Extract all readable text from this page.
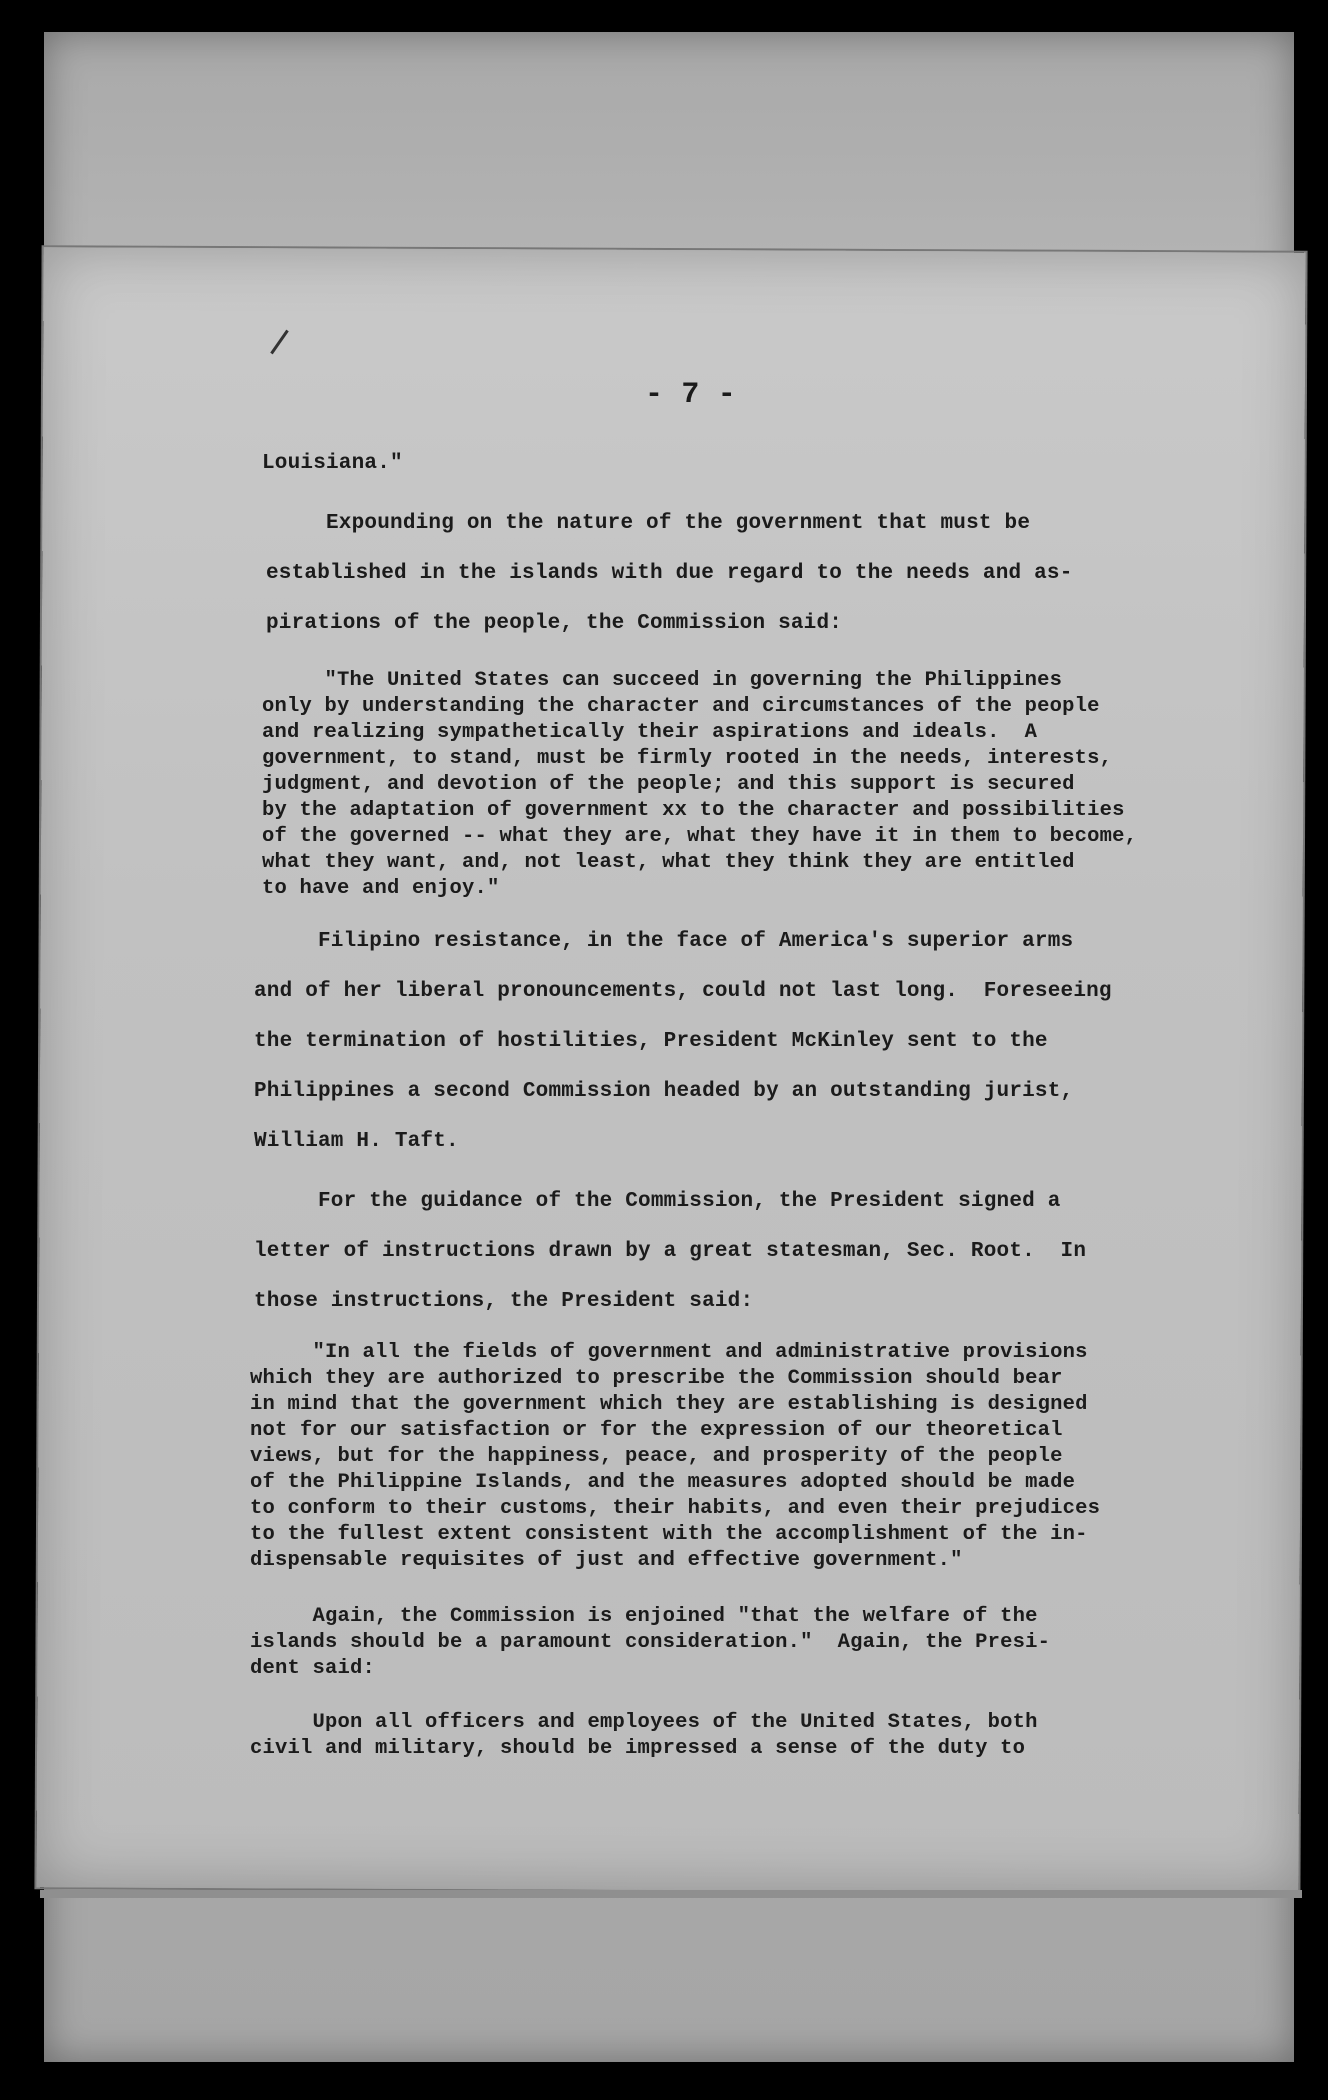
- 7 -
Louisiana."
Expounding on the nature of the government that must be
established in the islands with due regard to the needs and as-
pirations of the people, the Commission said:
"The United States can succeed in governing the Philippines
only by understanding the character and circumstances of the people
and realizing sympathetically their aspirations and ideals.  A
government, to stand, must be firmly rooted in the needs, interests,
judgment, and devotion of the people; and this support is secured
by the adaptation of government xx to the character and possibilities
of the governed -- what they are, what they have it in them to become,
what they want, and, not least, what they think they are entitled
to have and enjoy."
Filipino resistance, in the face of America's superior arms
and of her liberal pronouncements, could not last long.  Foreseeing
the termination of hostilities, President McKinley sent to the
Philippines a second Commission headed by an outstanding jurist,
William H. Taft.
For the guidance of the Commission, the President signed a
letter of instructions drawn by a great statesman, Sec. Root.  In
those instructions, the President said:
"In all the fields of government and administrative provisions
which they are authorized to prescribe the Commission should bear
in mind that the government which they are establishing is designed
not for our satisfaction or for the expression of our theoretical
views, but for the happiness, peace, and prosperity of the people
of the Philippine Islands, and the measures adopted should be made
to conform to their customs, their habits, and even their prejudices
to the fullest extent consistent with the accomplishment of the in-
dispensable requisites of just and effective government."
Again, the Commission is enjoined "that the welfare of the
islands should be a paramount consideration."  Again, the Presi-
dent said:
Upon all officers and employees of the United States, both
civil and military, should be impressed a sense of the duty to
